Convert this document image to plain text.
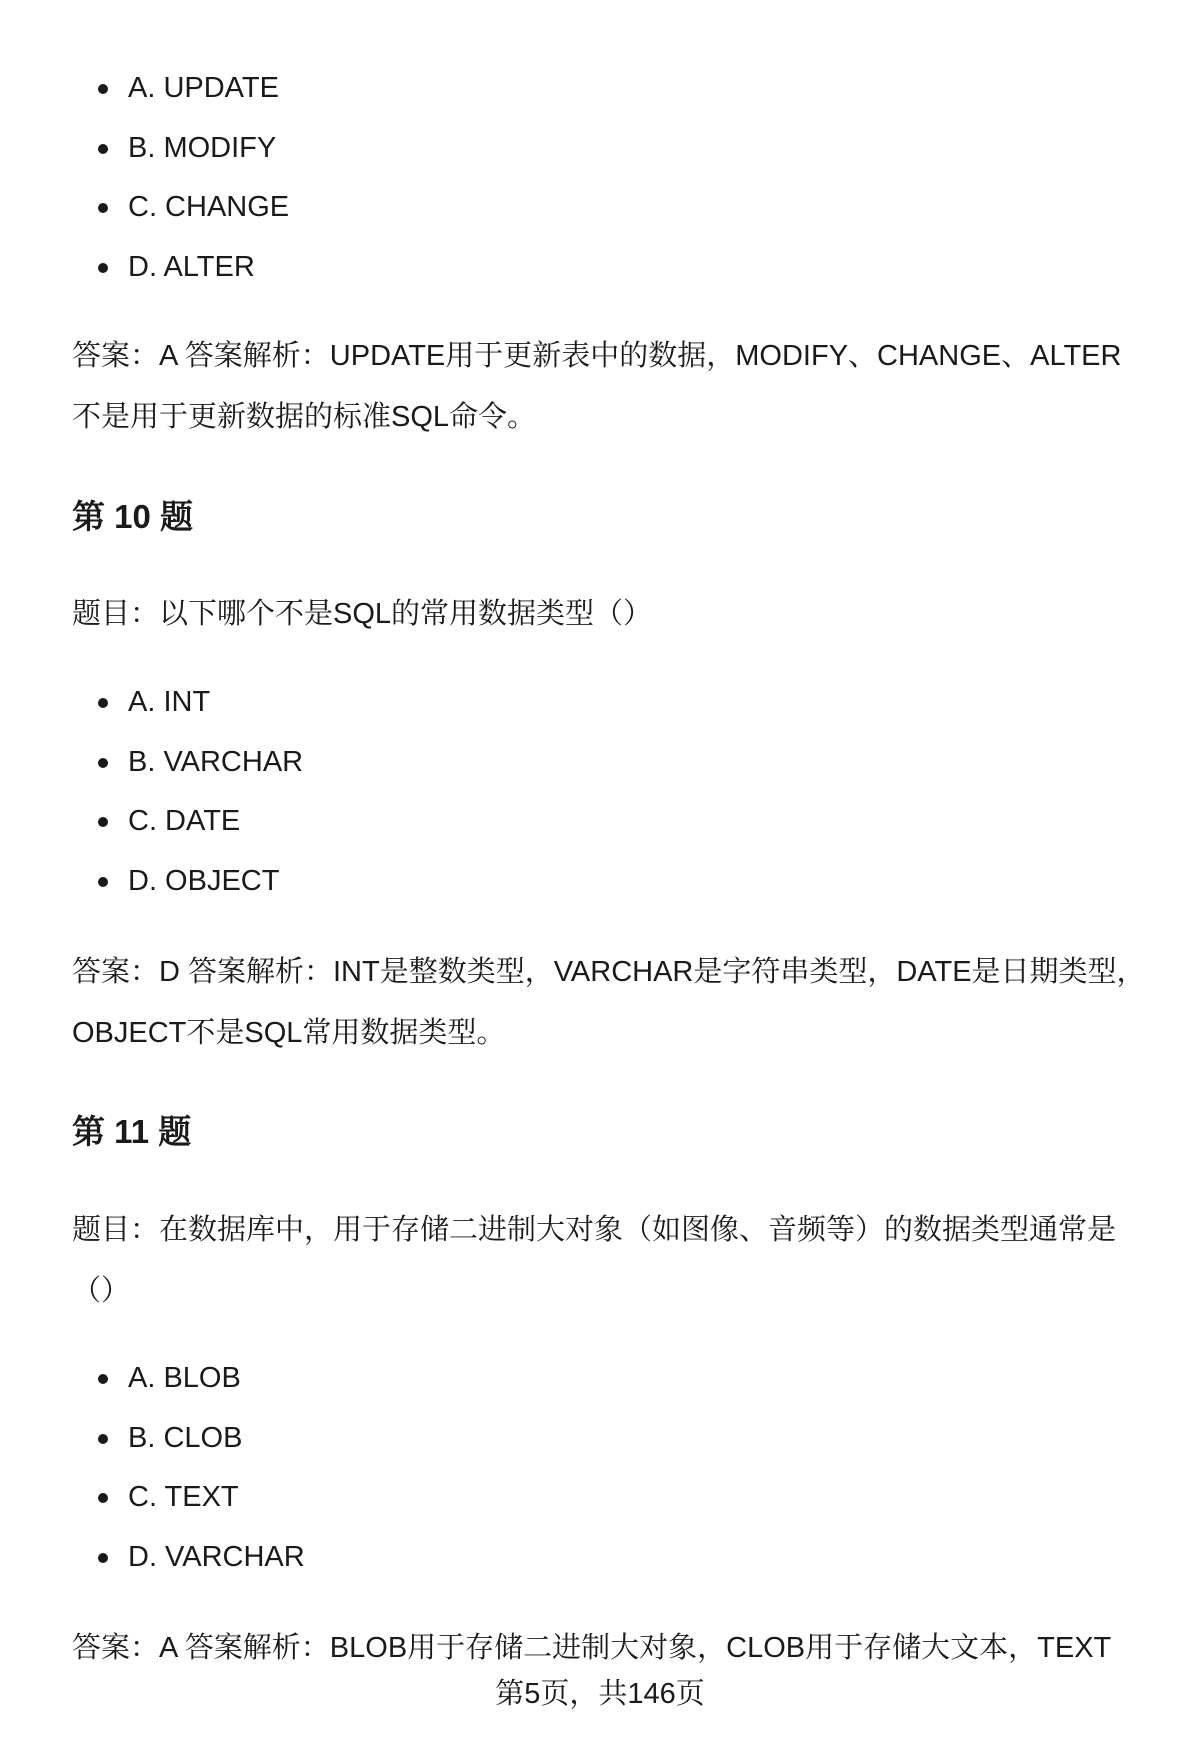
A. UPDATE
B. MODIFY
C. CHANGE
D. ALTER

答案：A 答案解析：UPDATE用于更新表中的数据，MODIFY、CHANGE、ALTER不是用于更新数据的标准SQL命令。

第 10 题

题目：以下哪个不是SQL的常用数据类型（）

A. INT
B. VARCHAR
C. DATE
D. OBJECT

答案：D 答案解析：INT是整数类型，VARCHAR是字符串类型，DATE是日期类型，OBJECT不是SQL常用数据类型。

第 11 题

题目：在数据库中，用于存储二进制大对象（如图像、音频等）的数据类型通常是（）

A. BLOB
B. CLOB
C. TEXT
D. VARCHAR

答案：A 答案解析：BLOB用于存储二进制大对象，CLOB用于存储大文本，TEXT

第5页，共146页
